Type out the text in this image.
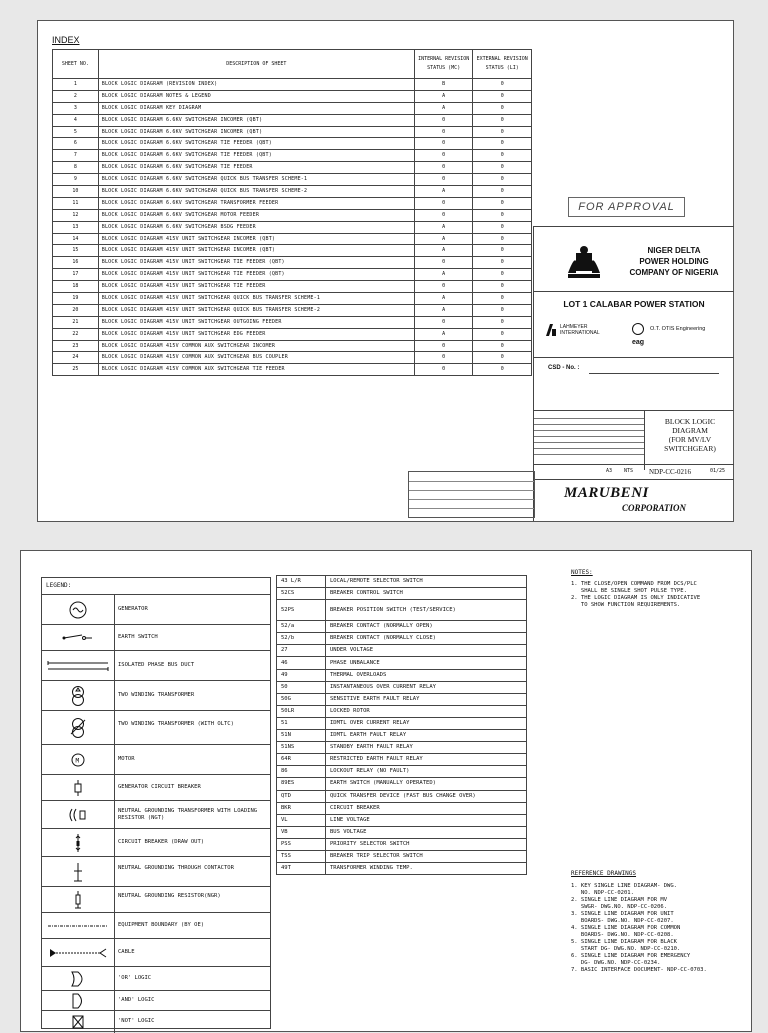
INDEX
SHEET NO.	DESCRIPTION OF SHEET	INTERNAL REVISION STATUS (MC)	EXTERNAL REVISION STATUS (LI)
1	BLOCK LOGIC DIAGRAM (REVISION INDEX)	B	0
2	BLOCK LOGIC DIAGRAM NOTES & LEGEND	A	0
3	BLOCK LOGIC DIAGRAM KEY DIAGRAM	A	0
4	BLOCK LOGIC DIAGRAM 6.6KV SWITCHGEAR INCOMER (QBT)	0	0
5	BLOCK LOGIC DIAGRAM 6.6KV SWITCHGEAR INCOMER (QBT)	0	0
6	BLOCK LOGIC DIAGRAM 6.6KV SWITCHGEAR TIE FEEDER (QBT)	0	0
7	BLOCK LOGIC DIAGRAM 6.6KV SWITCHGEAR TIE FEEDER (QBT)	0	0
8	BLOCK LOGIC DIAGRAM 6.6KV SWITCHGEAR TIE FEEDER	0	0
9	BLOCK LOGIC DIAGRAM 6.6KV SWITCHGEAR QUICK BUS TRANSFER SCHEME-1	0	0
10	BLOCK LOGIC DIAGRAM 6.6KV SWITCHGEAR QUICK BUS TRANSFER SCHEME-2	A	0
11	BLOCK LOGIC DIAGRAM 6.6KV SWITCHGEAR TRANSFORMER FEEDER	0	0
12	BLOCK LOGIC DIAGRAM 6.6KV SWITCHGEAR MOTOR FEEDER	0	0
13	BLOCK LOGIC DIAGRAM 6.6KV SWITCHGEAR BSDG FEEDER	A	0
14	BLOCK LOGIC DIAGRAM 415V UNIT SWITCHGEAR INCOMER (QBT)	A	0
15	BLOCK LOGIC DIAGRAM 415V UNIT SWITCHGEAR INCOMER (QBT)	A	0
16	BLOCK LOGIC DIAGRAM 415V UNIT SWITCHGEAR TIE FEEDER (QBT)	0	0
17	BLOCK LOGIC DIAGRAM 415V UNIT SWITCHGEAR TIE FEEDER (QBT)	A	0
18	BLOCK LOGIC DIAGRAM 415V UNIT SWITCHGEAR TIE FEEDER	0	0
19	BLOCK LOGIC DIAGRAM 415V UNIT SWITCHGEAR QUICK BUS TRANSFER SCHEME-1	A	0
20	BLOCK LOGIC DIAGRAM 415V UNIT SWITCHGEAR QUICK BUS TRANSFER SCHEME-2	A	0
21	BLOCK LOGIC DIAGRAM 415V UNIT SWITCHGEAR OUTGOING FEEDER	0	0
22	BLOCK LOGIC DIAGRAM 415V UNIT SWITCHGEAR EDG FEEDER	A	0
23	BLOCK LOGIC DIAGRAM 415V COMMON AUX SWITCHGEAR INCOMER	0	0
24	BLOCK LOGIC DIAGRAM 415V COMMON AUX SWITCHGEAR BUS COUPLER	0	0
25	BLOCK LOGIC DIAGRAM 415V COMMON AUX SWITCHGEAR TIE FEEDER	0	0
FOR APPROVAL
NIGER DELTA
POWER HOLDING
COMPANY OF NIGERIA
LOT 1 CALABAR POWER STATION
LAHMEYER
INTERNATIONAL
O.T. OTIS Engineering
eag
CSD - No. :
BLOCK LOGIC
DIAGRAM
(FOR MV/LV
SWITCHGEAR)
A3 NTS NDP-CC-0216	01/25
MARUBENI
CORPORATION
LEGEND:
GENERATOR
EARTH SWITCH
ISOLATED PHASE BUS DUCT
TWO WINDING TRANSFORMER
TWO WINDING TRANSFORMER (WITH OLTC)
M	MOTOR
GENERATOR CIRCUIT BREAKER
NEUTRAL GROUNDING TRANSFORMER WITH LOADING RESISTOR (NGT)
CIRCUIT BREAKER (DRAW OUT)
NEUTRAL GROUNDING THROUGH CONTACTOR
NEUTRAL GROUNDING RESISTOR(NGR)
EQUIPMENT BOUNDARY (BY OE)
CABLE
'OR' LOGIC
'AND' LOGIC
'NOT' LOGIC
43 L/R	LOCAL/REMOTE SELECTOR SWITCH
52CS	BREAKER CONTROL SWITCH
52PS	BREAKER POSITION SWITCH (TEST/SERVICE)
52/a	BREAKER CONTACT (NORMALLY OPEN)
52/b	BREAKER CONTACT (NORMALLY CLOSE)
27	UNDER VOLTAGE
46	PHASE UNBALANCE
49	THERMAL OVERLOADS
50	INSTANTANEOUS OVER CURRENT RELAY
50G	SENSITIVE EARTH FAULT RELAY
50LR	LOCKED ROTOR
51	IDMTL OVER CURRENT RELAY
51N	IDMTL EARTH FAULT RELAY
51NS	STANDBY EARTH FAULT RELAY
64R	RESTRICTED EARTH FAULT RELAY
86	LOCKOUT RELAY (NO FAULT)
89ES	EARTH SWITCH (MANUALLY OPERATED)
QTD	QUICK TRANSFER DEVICE (FAST BUS CHANGE OVER)
BKR	CIRCUIT BREAKER
VL	LINE VOLTAGE
VB	BUS VOLTAGE
PSS	PRIORITY SELECTOR SWITCH
TSS	BREAKER TRIP SELECTOR SWITCH
49T	TRANSFORMER WINDING TEMP.
NOTES:
1. THE CLOSE/OPEN COMMAND FROM DCS/PLC
SHALL BE SINGLE SHOT PULSE TYPE.
2. THE LOGIC DIAGRAM IS ONLY INDICATIVE
TO SHOW FUNCTION REQUIREMENTS.
REFERENCE DRAWINGS
1. KEY SINGLE LINE DIAGRAM- DWG.
NO. NDP-CC-0201.
2. SINGLE LINE DIAGRAM FOR MV
SWGR- DWG.NO. NDP-CC-0206.
3. SINGLE LINE DIAGRAM FOR UNIT
BOARDS- DWG.NO. NDP-CC-0207.
4. SINGLE LINE DIAGRAM FOR COMMON
BOARDS- DWG.NO. NDP-CC-0208.
5. SINGLE LINE DIAGRAM FOR BLACK
START DG- DWG.NO. NDP-CC-0210.
6. SINGLE LINE DIAGRAM FOR EMERGENCY
DG- DWG.NO. NDP-CC-0234.
7. BASIC INTERFACE DOCUMENT- NDP-CC-0703.
